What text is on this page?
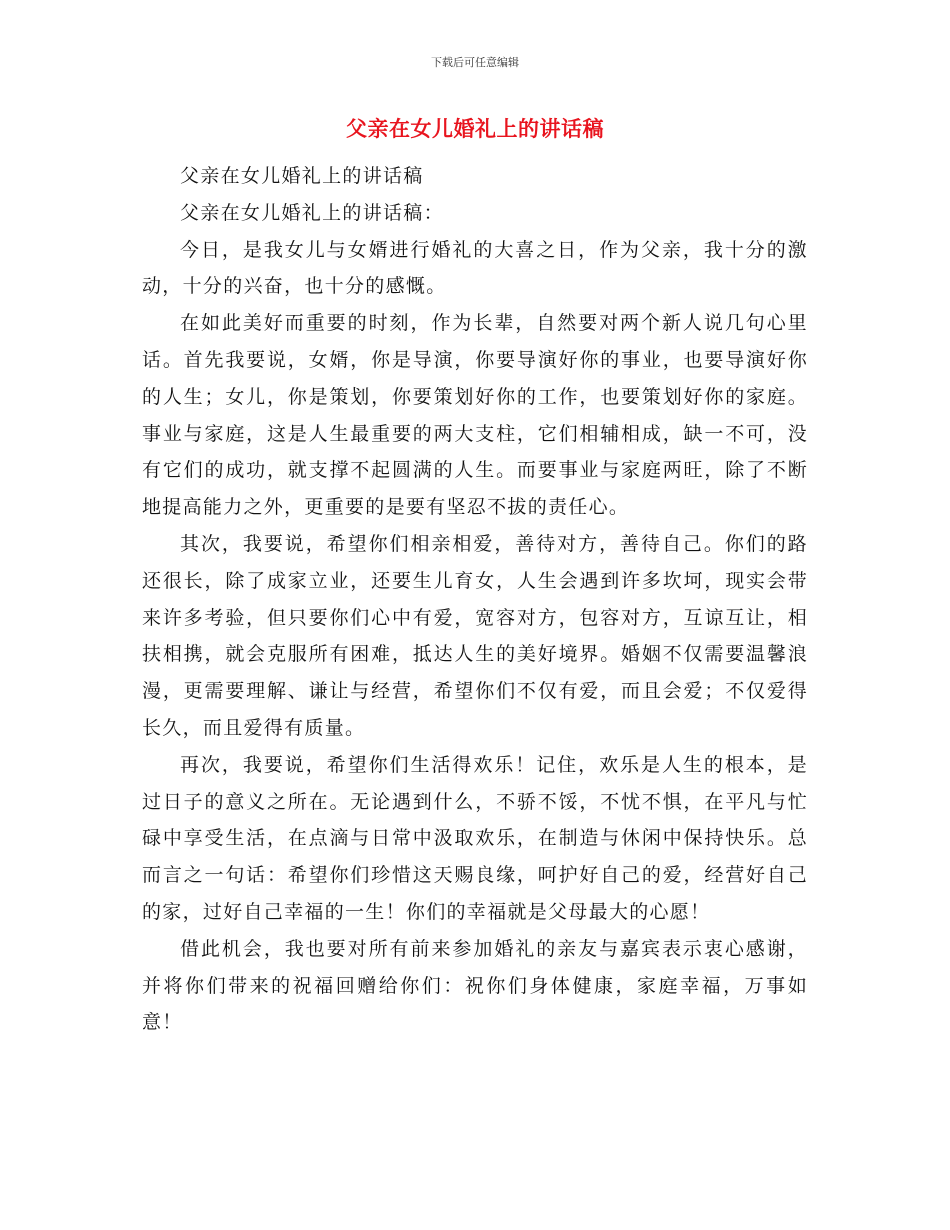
下载后可任意编辑
父亲在女儿婚礼上的讲话稿

父亲在女儿婚礼上的讲话稿

父亲在女儿婚礼上的讲话稿：

今日，是我女儿与女婿进行婚礼的大喜之日，作为父亲，我十分的激动，十分的兴奋，也十分的感慨。

在如此美好而重要的时刻，作为长辈，自然要对两个新人说几句心里话。首先我要说，女婿，你是导演，你要导演好你的事业，也要导演好你的人生；女儿，你是策划，你要策划好你的工作，也要策划好你的家庭。事业与家庭，这是人生最重要的两大支柱，它们相辅相成，缺一不可，没有它们的成功，就支撑不起圆满的人生。而要事业与家庭两旺，除了不断地提高能力之外，更重要的是要有坚忍不拔的责任心。

其次，我要说，希望你们相亲相爱，善待对方，善待自己。你们的路还很长，除了成家立业，还要生儿育女，人生会遇到许多坎坷，现实会带来许多考验，但只要你们心中有爱，宽容对方，包容对方，互谅互让，相扶相携，就会克服所有困难，抵达人生的美好境界。婚姻不仅需要温馨浪漫，更需要理解、谦让与经营，希望你们不仅有爱，而且会爱；不仅爱得长久，而且爱得有质量。

再次，我要说，希望你们生活得欢乐！记住，欢乐是人生的根本，是过日子的意义之所在。无论遇到什么，不骄不馁，不忧不惧，在平凡与忙碌中享受生活，在点滴与日常中汲取欢乐，在制造与休闲中保持快乐。总而言之一句话：希望你们珍惜这天赐良缘，呵护好自己的爱，经营好自己的家，过好自己幸福的一生！你们的幸福就是父母最大的心愿！

借此机会，我也要对所有前来参加婚礼的亲友与嘉宾表示衷心感谢，并将你们带来的祝福回赠给你们：祝你们身体健康，家庭幸福，万事如意！
